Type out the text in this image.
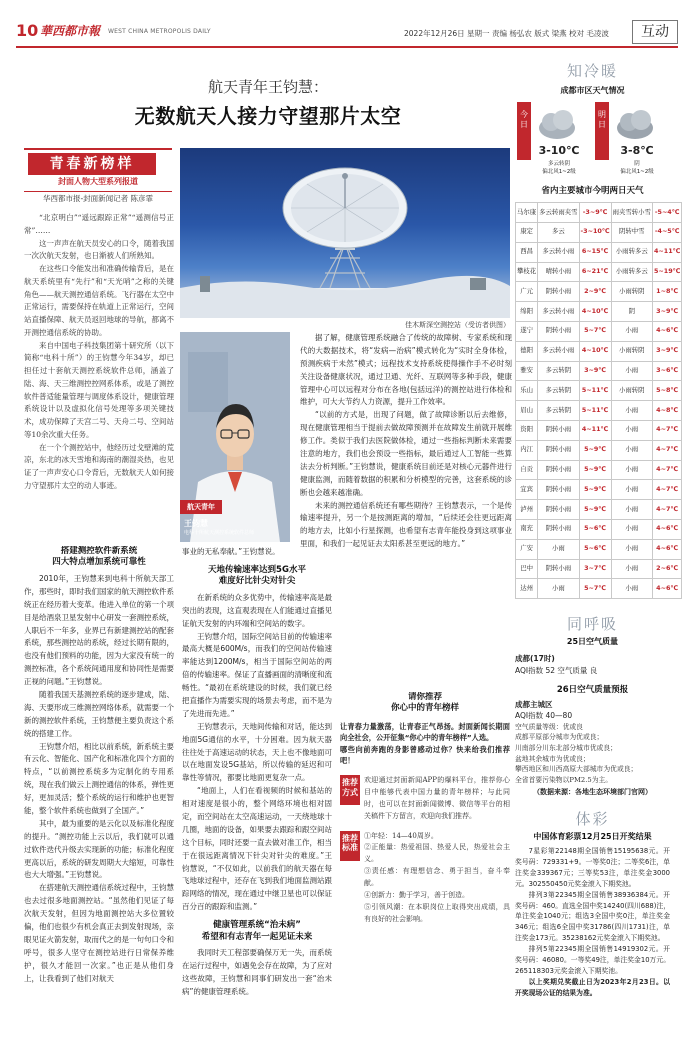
10 華西都市報 WEST CHINA METROPOLIS DAILY	2022年12月26日 星期一 责编 杨弘农 版式 梁燕 校对 毛凌波	互动
航天青年王钧慧：
无数航天人接力守望那片太空
青春新榜样
封面人物大型系列报道
华西都市报-封面新闻记者 陈彦霏

“北京明白”“遥远跟踪正常”“遥测信号正常”……

这一声声在航天员安心的口令，随着我国一次次航天发射，也日渐被人们所熟知。

在这些口令能发出和准确传输背后，是在航天系统里有“先行”和“天光哨”之称的关键角色——航天测控通信系统。飞行器在太空中正常运行，需要保持在轨道上正常运行，空间站直播保障、航天员返回地球的导航，都离不开测控通信系统的协助。

来自中国电子科技集团第十研究所（以下简称“电科十所”）的王钧慧今年34岁，却已担任过十套航天测控系统软件总师，涵盖了陆、海、天三维测控控网系体系，或是了测控软件普适能量管理与调度体系设计，健康管理系统设计以及虚拟化信号处理等多项关键技术，成功保障了天宫二号、天舟二号、空间站等10余次重大任务。

在一个个测控站中，他经历过戈壁滩的荒凉，东北的冰天雪地和海南的潮湿炎热，也见证了一声声安心口令背后，无数航天人如何接力守望那片太空的动人事迹。

佳木斯深空测控站（受访者供图）
航天青年
王钧慧
电科十所航天测控系统软件总师
搭建测控软件新系统
四大特点增加系统可靠性

2010年，王钧慧来到电科十所航天部工作，那些时，即时我们国家的航天测控软件系统正在经历着大变革。他进入单位的第一个项目是给酒泉卫星发射中心研发一套测控系统，人职后不一年多，业界已有新建测控站的配套系统，那些测控站的系统，经过长期有限的，也没有他们预料的功能，因为大家没有统一的测控标准，各个系统间通用度和协同性是需要正视的问题。”王钧慧说。

随着我国天基测控系统的逐步建成，陆、海、天要形成三维测控网络体系，就需要一个新的测控软件系统，王钧慧便主要负责这个系统的搭建工作。

王钧慧介绍，相比以前系统，新系统主要有云化、智能化、国产化和标准化四个方面的特点，“以前测控系统多为定制化的专用系统，现在我们做云上测控通信的体系，弹性更好，更加灵活；整个系统的运行和维护也更智能，整个软件系统也做到了全国产。”

其中，最为重要的是云化以及标准化程度的提升。“测控功能上云以后，我们就可以通过软件迭代升级去实现新的功能；标准化程度更高以后，系统的研发周期大大缩短，可靠性也大大增强。”王钧慧说。

在搭建航天测控通信系统过程中，王钧慧也去过很多地面测控站。“虽然他们见证了每次航天发射，但因为地面测控站大多位置较偏，他们也很少有机会真正去到发射现场，亲眼见证火箭发射，取而代之的是一句句口令和呼号，很多人坚守在测控站进行日常保养维护，很久才能回一次家。”也正是从他们身上，让我看到了他们对航天

事业的无私奉献。”王钧慧说。

天地传输速率达到5G水平
难度好比针尖对针尖

在新系统的众多优势中，传输速率高是最突出的表现，这直观表现在人们能通过直播见证航天发射的内环端和空间站的数字。

王钧慧介绍，国际空间站目前的传输速率最高大概是600M/s，而我们的空间站传输速率能达到1200M/s，相当于国际空间站的两倍的传输速率。保证了直播画面的清晰度和流畅性。“最初在系统建设的时候，我们就已经把直播作为需要实现的场景去考虑，而不是为了先进而先进。”

王钧慧表示，天地间传输和对话，能达到地面5G通信的水平，十分困难。因为航天器往往处于高速运动的状态，天上也不像地面可以在地面发设5G基站，所以传输的延迟和可靠性等情况，都要比地面更复杂一点。

“地面上，人们在看视频的时候和基站的相对速度是很小的，整个网络环境也相对固定，而空间站在太空高速运动，一天绕地球十几圈，地面的设备，如果要去跟踪和跟空间站这个目标，同时还要一直去做对准工作，相当于在很远距离情况下针尖对针尖的难度。”王钧慧说，“不仅如此，以前我们的航天器在每飞地球过程中，还存在飞到我们地面监测站跟踪网络的情况，现在通过中继卫星也可以保证百分百的跟踪和监测。”

健康管理系统“治未病”
希望和有志青年一起见证未来

我同时天工程部要确保万无一失，而系统在运行过程中，如遇免会存在故障，为了应对这些故障，王钧慧和同事们研发出一套“治未病”的健康管理系统。

据了解，健康管理系统融合了传统的故障树、专家系统和现代的大数据技术，将“发病—治病”模式转化为“实时全身体检，预测疾病于未然”模式；远程技术支持系统使得操作手不必时刻关注设备健康状况，通过卫通、光纤、互联网等多种手段，健康管理中心可以远程对分布在各地(包括远洋)的测控站进行体检和维护，可大大节约人力资源，提升工作效率。

“以前的方式是，出现了问题，做了故障诊断以后去维修，现在健康管理相当于提前去做故障预测并在故障发生前就开展维修工作。类似于我们去医院做体检，通过一些指标判断未来需要注意的地方，我们也会预设一些指标，最后通过人工智能一些算法去分析判断。”王钧慧说，健康系统目前还是对核心元器件进行健康监测，而随着数据的积累和分析模型的完善，这套系统的诊断也会越来越准确。

未来的测控通信系统还有哪些期待？王钧慧表示，一个是传输速率提升，另一个是按测距离的增加，“后续还会往更远距离的地方去，比如小行星探测，也希望有志青年能投身到这项事业里面，和我们一起见证去太阳系甚至更远的地方。”

请你推荐
你心中的青年榜样
让青春力量激荡，让青春正气昂扬。封面新闻长期面向全社会，公开征集“你心中的青年榜样”人选。
哪些向前奔跑的身影曾感动过你？快来给我们推荐吧！
推荐
方式
欢迎通过封面新闻APP的爆料平台，推荐你心目中能够代表中国力量的青年榜样；与此同时，也可以在封面新闻微博、微信等平台的相关稿件下方留言，欢迎向我们推荐。
推荐
标准
①年轻：14—40周岁。
②正能量：热爱祖国、热爱人民，热爱社会主义。
③责任感：有理想信念、勇于担当，奋斗奉献。
④创新力：勤于学习，善于创造。
⑤引领风潮：在本职岗位上取得突出成绩，具有良好的社会影响。
知冷暖
成都市区天气情况
今日
3-10℃
多云转阴
偏北风1~2级
明日
3-8℃
阴
偏北风1~2级
省内主要城市今明两日天气
马尔康	多云转雨夹雪	-3~9℃	雨夹雪转小雪	-5~4℃
康定	多云	-3~10℃	阴转中雪	-4~5℃
西昌	多云转小雨	6~15℃	小雨转多云	4~11℃
攀枝花	晴转小雨	6~21℃	小雨转多云	5~19℃
广元	阴转小雨	2~9℃	小雨转阴	1~8℃
绵阳	多云转小雨	4~10℃	阴	3~9℃
遂宁	阴转小雨	5~7℃	小雨	4~6℃
德阳	多云转小雨	4~10℃	小雨转阴	3~9℃
雅安	多云转阴	3~9℃	小雨	3~6℃
乐山	多云转阴	5~11℃	小雨转阴	5~8℃
眉山	多云转阴	5~11℃	小雨	4~8℃
资阳	阴转小雨	4~11℃	小雨	4~7℃
内江	阴转小雨	5~9℃	小雨	4~7℃
自贡	阴转小雨	5~9℃	小雨	4~7℃
宜宾	阴转小雨	5~9℃	小雨	4~7℃
泸州	阴转小雨	5~9℃	小雨	4~7℃
南充	阴转小雨	5~6℃	小雨	4~6℃
广安	小雨	5~6℃	小雨	4~6℃
巴中	阴转小雨	3~7℃	小雨	2~6℃
达州	小雨	5~7℃	小雨	4~6℃
同呼吸
25日空气质量
成都(17时)
AQI指数 52 空气质量 良
26日空气质量预报
成都主城区
AQI指数 40—80
空气质量等级：优或良
成都平原部分城市为优或良；
川南部分川东北部分城市优或良；
盆地其余城市为优或良；
攀西地区和川西高原大部城市为优或良；
全省首要污染物以PM2.5为主。
（数据来源：各地生态环境部门官网）
体彩
中国体育彩票12月25日开奖结果

7星彩第22148期全国销售15195638元。开奖号码：729331+9。一等奖0注；二等奖6注，单注奖金339367元；三等奖53注，单注奖金3000元。302550450元奖金滚入下期奖池。

排列3第22345期全国销售38936384元。开奖号码：460。直选全国中奖14240(四川688)注，单注奖金1040元；组选3全国中奖0注，单注奖金346元；组选6全国中奖31786(四川1731)注，单注奖金173元。35238162元奖金滚入下期奖池。

排列5第22345期全国销售14919302元。开奖号码：46080。一等奖49注，单注奖金10万元。265118303元奖金滚入下期奖池。

以上奖期兑奖截止日为2023年2月23日。以开奖现场公证的结果为准。
